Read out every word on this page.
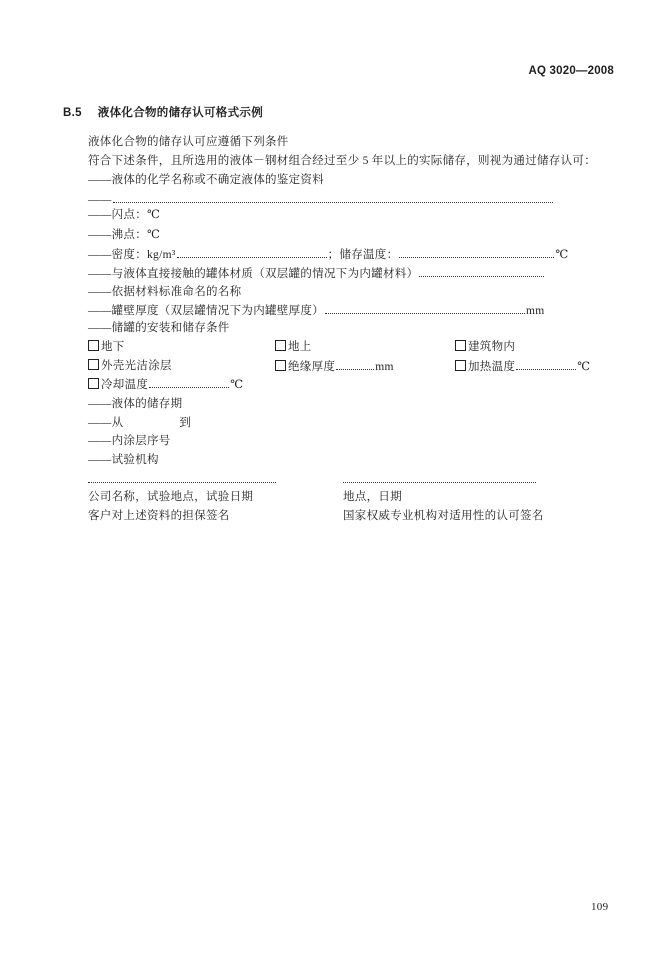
AQ 3020—2008
B.5 液体化合物的储存认可格式示例
液体化合物的储存认可应遵循下列条件
符合下述条件，且所选用的液体－钢材组合经过至少 5 年以上的实际储存，则视为通过储存认可：
——液体的化学名称或不确定液体的鉴定资料
——
——闪点：℃
——沸点：℃
——密度：kg/m³	；储存温度：	℃
——与液体直接接触的罐体材质（双层罐的情况下为内罐材料）
——依据材料标准命名的名称
——罐壁厚度（双层罐情况下为内罐壁厚度）	mm
——储罐的安装和储存条件
地下	地上	建筑物内
外壳光洁涂层	绝缘厚度	mm	加热温度	℃
冷却温度	℃
——液体的储存期
——从	到
——内涂层序号
——试验机构
公司名称，试验地点，试验日期	地点，日期
客户对上述资料的担保签名	国家权威专业机构对适用性的认可签名
109
